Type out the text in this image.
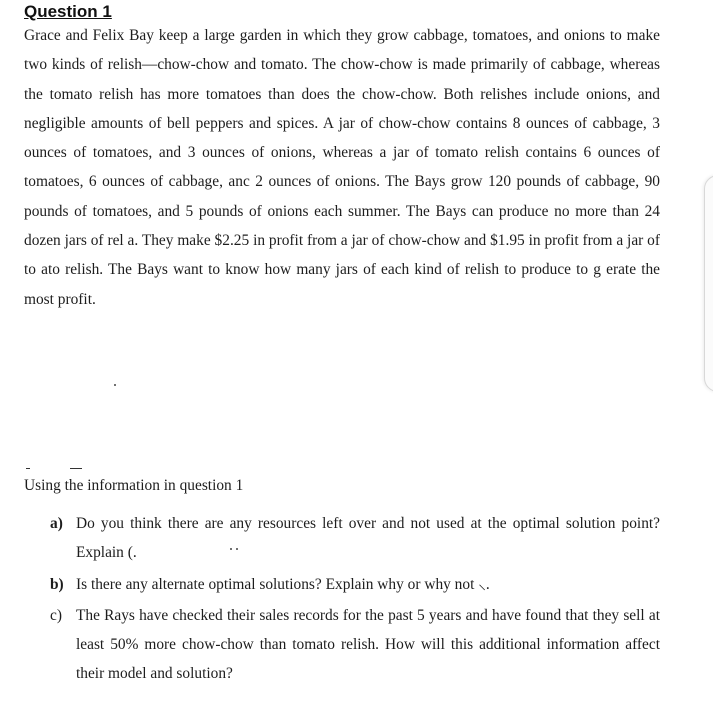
Question 1

Grace and Felix Bay keep a large garden in which they grow cabbage, tomatoes, and onions to make two kinds of relish—chow-chow and tomato. The chow-chow is made primarily of cabbage, whereas the tomato relish has more tomatoes than does the chow-chow. Both relishes include onions, and negligible amounts of bell peppers and spices. A jar of chow-chow contains 8 ounces of cabbage, 3 ounces of tomatoes, and 3 ounces of onions, whereas a jar of tomato relish contains 6 ounces of tomatoes, 6 ounces of cabbage, anc 2 ounces of onions. The Bays grow 120 pounds of cabbage, 90 pounds of tomatoes, and 5 pounds of onions each summer. The Bays can produce no more than 24 dozen jars of rel a. They make $2.25 in profit from a jar of chow-chow and $1.95 in profit from a jar of to ato relish. The Bays want to know how many jars of each kind of relish to produce to g erate the most profit.

Using the information in question 1

a) Do you think there are any resources left over and not used at the optimal solution point? Explain (.
b) Is there any alternate optimal solutions? Explain why or why not ⸜.
c) The Rays have checked their sales records for the past 5 years and have found that they sell at least 50% more chow-chow than tomato relish. How will this additional information affect their model and solution?
